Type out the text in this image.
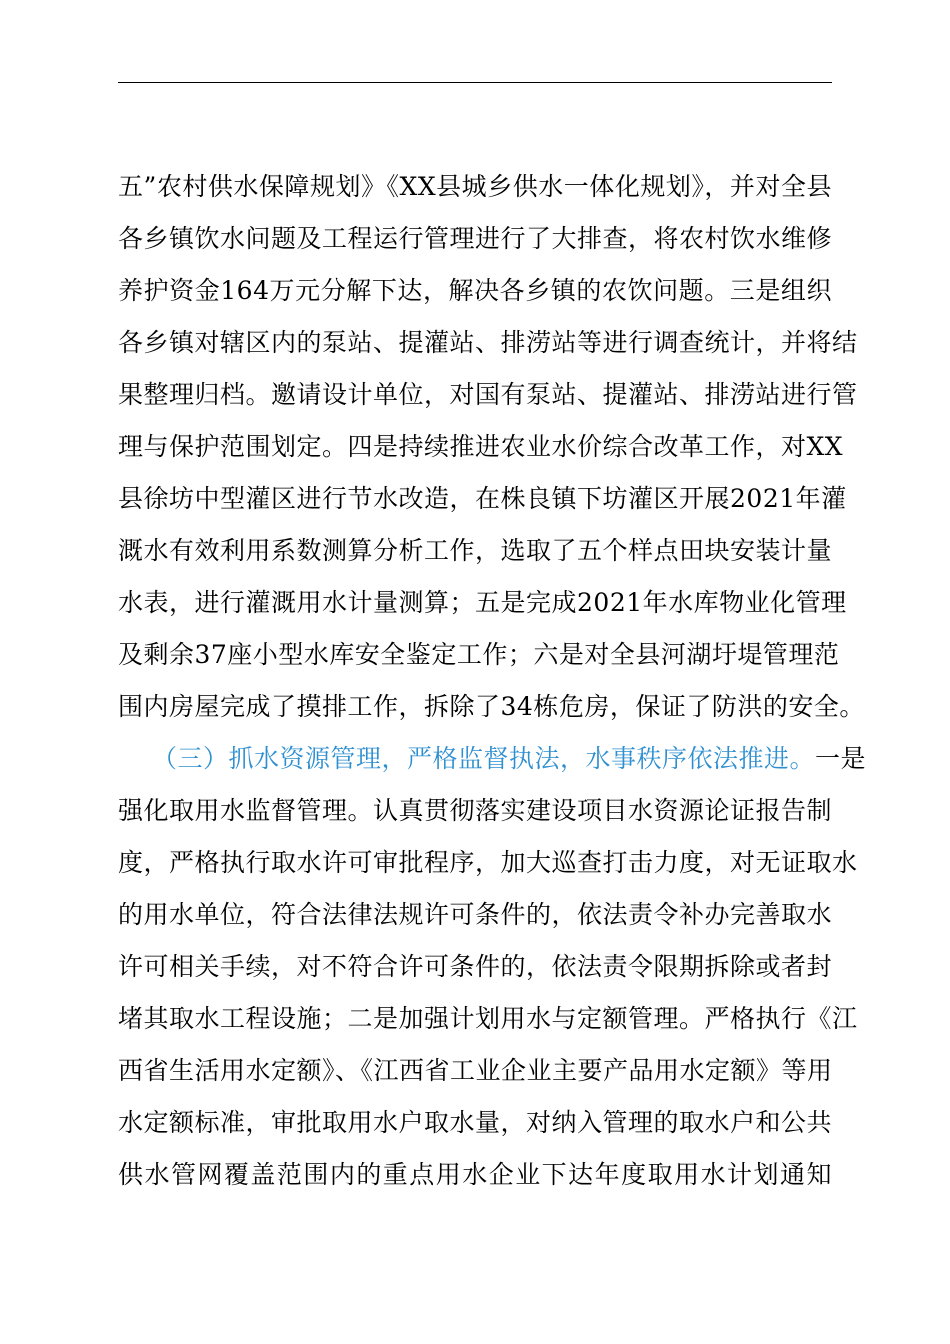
五”农村供水保障规划》《XX县城乡供水一体化规划》，并对全县
各乡镇饮水问题及工程运行管理进行了大排查，将农村饮水维修
养护资金164万元分解下达，解决各乡镇的农饮问题。三是组织
各乡镇对辖区内的泵站、提灌站、排涝站等进行调查统计，并将结
果整理归档。邀请设计单位，对国有泵站、提灌站、排涝站进行管
理与保护范围划定。四是持续推进农业水价综合改革工作，对XX
县徐坊中型灌区进行节水改造，在株良镇下坊灌区开展2021年灌
溉水有效利用系数测算分析工作，选取了五个样点田块安装计量
水表，进行灌溉用水计量测算；五是完成2021年水库物业化管理
及剩余37座小型水库安全鉴定工作；六是对全县河湖圩堤管理范
围内房屋完成了摸排工作，拆除了34栋危房，保证了防洪的安全。
（三）抓水资源管理，严格监督执法，水事秩序依法推进。一是
强化取用水监督管理。认真贯彻落实建设项目水资源论证报告制
度，严格执行取水许可审批程序，加大巡查打击力度，对无证取水
的用水单位，符合法律法规许可条件的，依法责令补办完善取水
许可相关手续，对不符合许可条件的，依法责令限期拆除或者封
堵其取水工程设施；二是加强计划用水与定额管理。严格执行《江
西省生活用水定额》、《江西省工业企业主要产品用水定额》等用
水定额标准，审批取用水户取水量，对纳入管理的取水户和公共
供水管网覆盖范围内的重点用水企业下达年度取用水计划通知
